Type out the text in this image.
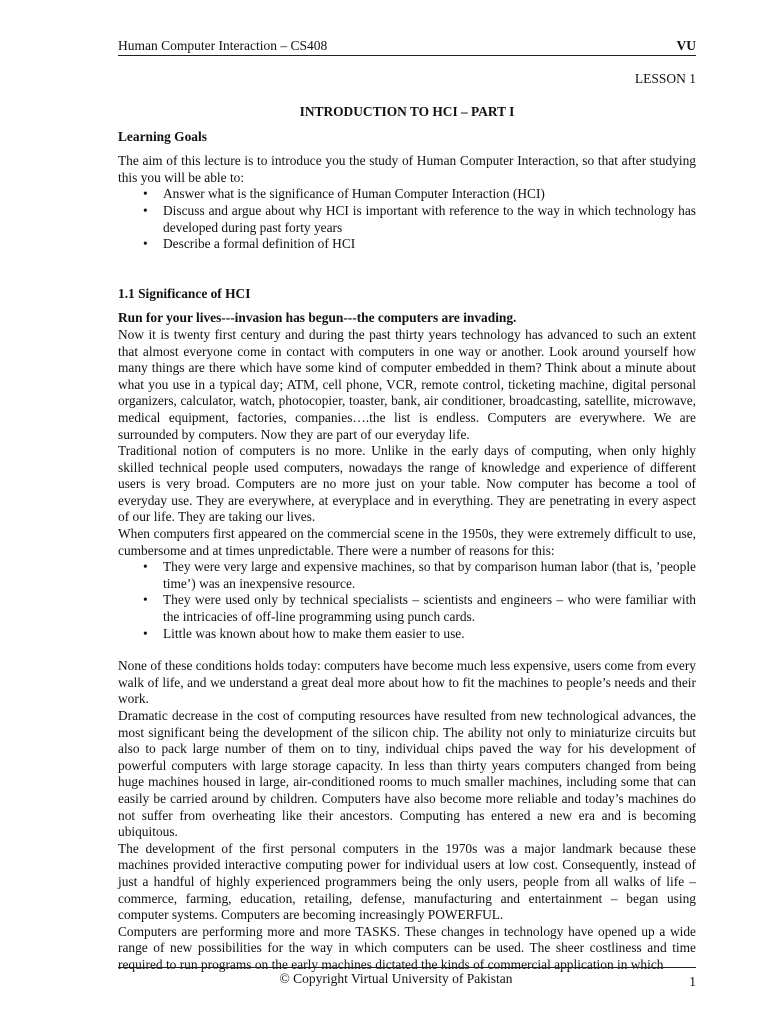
Human Computer Interaction – CS408	VU
LESSON 1
INTRODUCTION TO HCI – PART I
Learning Goals

The aim of this lecture is to introduce you the study of Human Computer Interaction, so that after studying this you will be able to:

• Answer what is the significance of Human Computer Interaction (HCI)
• Discuss and argue about why HCI is important with reference to the way in which technology has developed during past forty years
• Describe a formal definition of HCI
1.1 Significance of HCI
Run for your lives---invasion has begun---the computers are invading.

Now it is twenty first century and during the past thirty years technology has advanced to such an extent that almost everyone come in contact with computers in one way or another. Look around yourself how many things are there which have some kind of computer embedded in them? Think about a minute about what you use in a typical day; ATM, cell phone, VCR, remote control, ticketing machine, digital personal organizers, calculator, watch, photocopier, toaster, bank, air conditioner, broadcasting, satellite, microwave, medical equipment, factories, companies….the list is endless. Computers are everywhere. We are surrounded by computers. Now they are part of our everyday life.

Traditional notion of computers is no more. Unlike in the early days of computing, when only highly skilled technical people used computers, nowadays the range of knowledge and experience of different users is very broad. Computers are no more just on your table. Now computer has become a tool of everyday use. They are everywhere, at everyplace and in everything. They are penetrating in every aspect of our life. They are taking our lives.

When computers first appeared on the commercial scene in the 1950s, they were extremely difficult to use, cumbersome and at times unpredictable. There were a number of reasons for this:

• They were very large and expensive machines, so that by comparison human labor (that is, ’people time’) was an inexpensive resource.
• They were used only by technical specialists – scientists and engineers – who were familiar with the intricacies of off-line programming using punch cards.
• Little was known about how to make them easier to use.

None of these conditions holds today: computers have become much less expensive, users come from every walk of life, and we understand a great deal more about how to fit the machines to people’s needs and their work.

Dramatic decrease in the cost of computing resources have resulted from new technological advances, the most significant being the development of the silicon chip. The ability not only to miniaturize circuits but also to pack large number of them on to tiny, individual chips paved the way for his development of powerful computers with large storage capacity. In less than thirty years computers changed from being huge machines housed in large, air-conditioned rooms to much smaller machines, including some that can easily be carried around by children. Computers have also become more reliable and today’s machines do not suffer from overheating like their ancestors. Computing has entered a new era and is becoming ubiquitous.

The development of the first personal computers in the 1970s was a major landmark because these machines provided interactive computing power for individual users at low cost. Consequently, instead of just a handful of highly experienced programmers being the only users, people from all walks of life – commerce, farming, education, retailing, defense, manufacturing and entertainment – began using computer systems. Computers are becoming increasingly POWERFUL.

Computers are performing more and more TASKS. These changes in technology have opened up a wide range of new possibilities for the way in which computers can be used. The sheer costliness and time required to run programs on the early machines dictated the kinds of commercial application in which

© Copyright Virtual University of Pakistan	1
